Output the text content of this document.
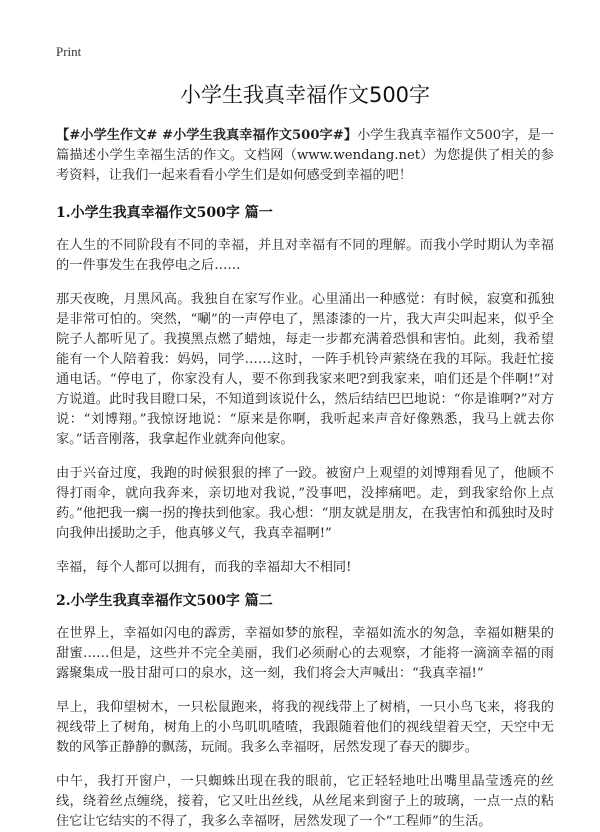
Print
小学生我真幸福作文500字

【#小学生作文# #小学生我真幸福作文500字#】小学生我真幸福作文500字，是一篇描述小学生幸福生活的作文。文档网（www.wendang.net）为您提供了相关的参考资料，让我们一起来看看小学生们是如何感受到幸福的吧！

1.小学生我真幸福作文500字 篇一

在人生的不同阶段有不同的幸福，并且对幸福有不同的理解。而我小学时期认为幸福的一件事发生在我停电之后……

那天夜晚，月黑风高。我独自在家写作业。心里涌出一种感觉：有时候，寂寞和孤独是非常可怕的。突然，“唰”的一声停电了，黑漆漆的一片，我大声尖叫起来，似乎全院子人都听见了。我摸黑点燃了蜡烛，每走一步都充满着恐惧和害怕。此刻，我希望能有一个人陪着我：妈妈，同学……这时，一阵手机铃声萦绕在我的耳际。我赶忙接通电话。“停电了，你家没有人，要不你到我家来吧?到我家来，咱们还是个伴啊!”对方说道。此时我目瞪口呆，不知道到该说什么，然后结结巴巴地说：“你是谁啊?”对方说：“刘博翔。”我惊讶地说：“原来是你啊，我听起来声音好像熟悉，我马上就去你家。”话音刚落，我拿起作业就奔向他家。

由于兴奋过度，我跑的时候狠狠的摔了一跤。被窗户上观望的刘博翔看见了，他顾不得打雨伞，就向我奔来，亲切地对我说，”没事吧，没摔痛吧。走，到我家给你上点药。”他把我一瘸一拐的搀扶到他家。我心想：“朋友就是朋友，在我害怕和孤独时及时向我伸出援助之手，他真够义气，我真幸福啊!”

幸福，每个人都可以拥有，而我的幸福却大不相同!

2.小学生我真幸福作文500字 篇二

在世界上，幸福如闪电的霹雳，幸福如梦的旅程，幸福如流水的匆急，幸福如糖果的甜蜜……但是，这些并不完全美丽，我们必须耐心的去观察，才能将一滴滴幸福的雨露聚集成一股甘甜可口的泉水，这一刻，我们将会大声喊出：“我真幸福!”

早上，我仰望树木，一只松鼠跑来，将我的视线带上了树梢，一只小鸟飞来，将我的视线带上了树角，树角上的小鸟叽叽喳喳，我跟随着他们的视线望着天空，天空中无数的风筝正静静的飘荡，玩闹。我多么幸福呀，居然发现了春天的脚步。

中午，我打开窗户，一只蜘蛛出现在我的眼前，它正轻轻地吐出嘴里晶莹透亮的丝线，绕着丝点缠绕，接着，它又吐出丝线，从丝尾来到窗子上的玻璃，一点一点的粘住它让它结实的不得了，我多么幸福呀，居然发现了一个“工程师”的生活。
